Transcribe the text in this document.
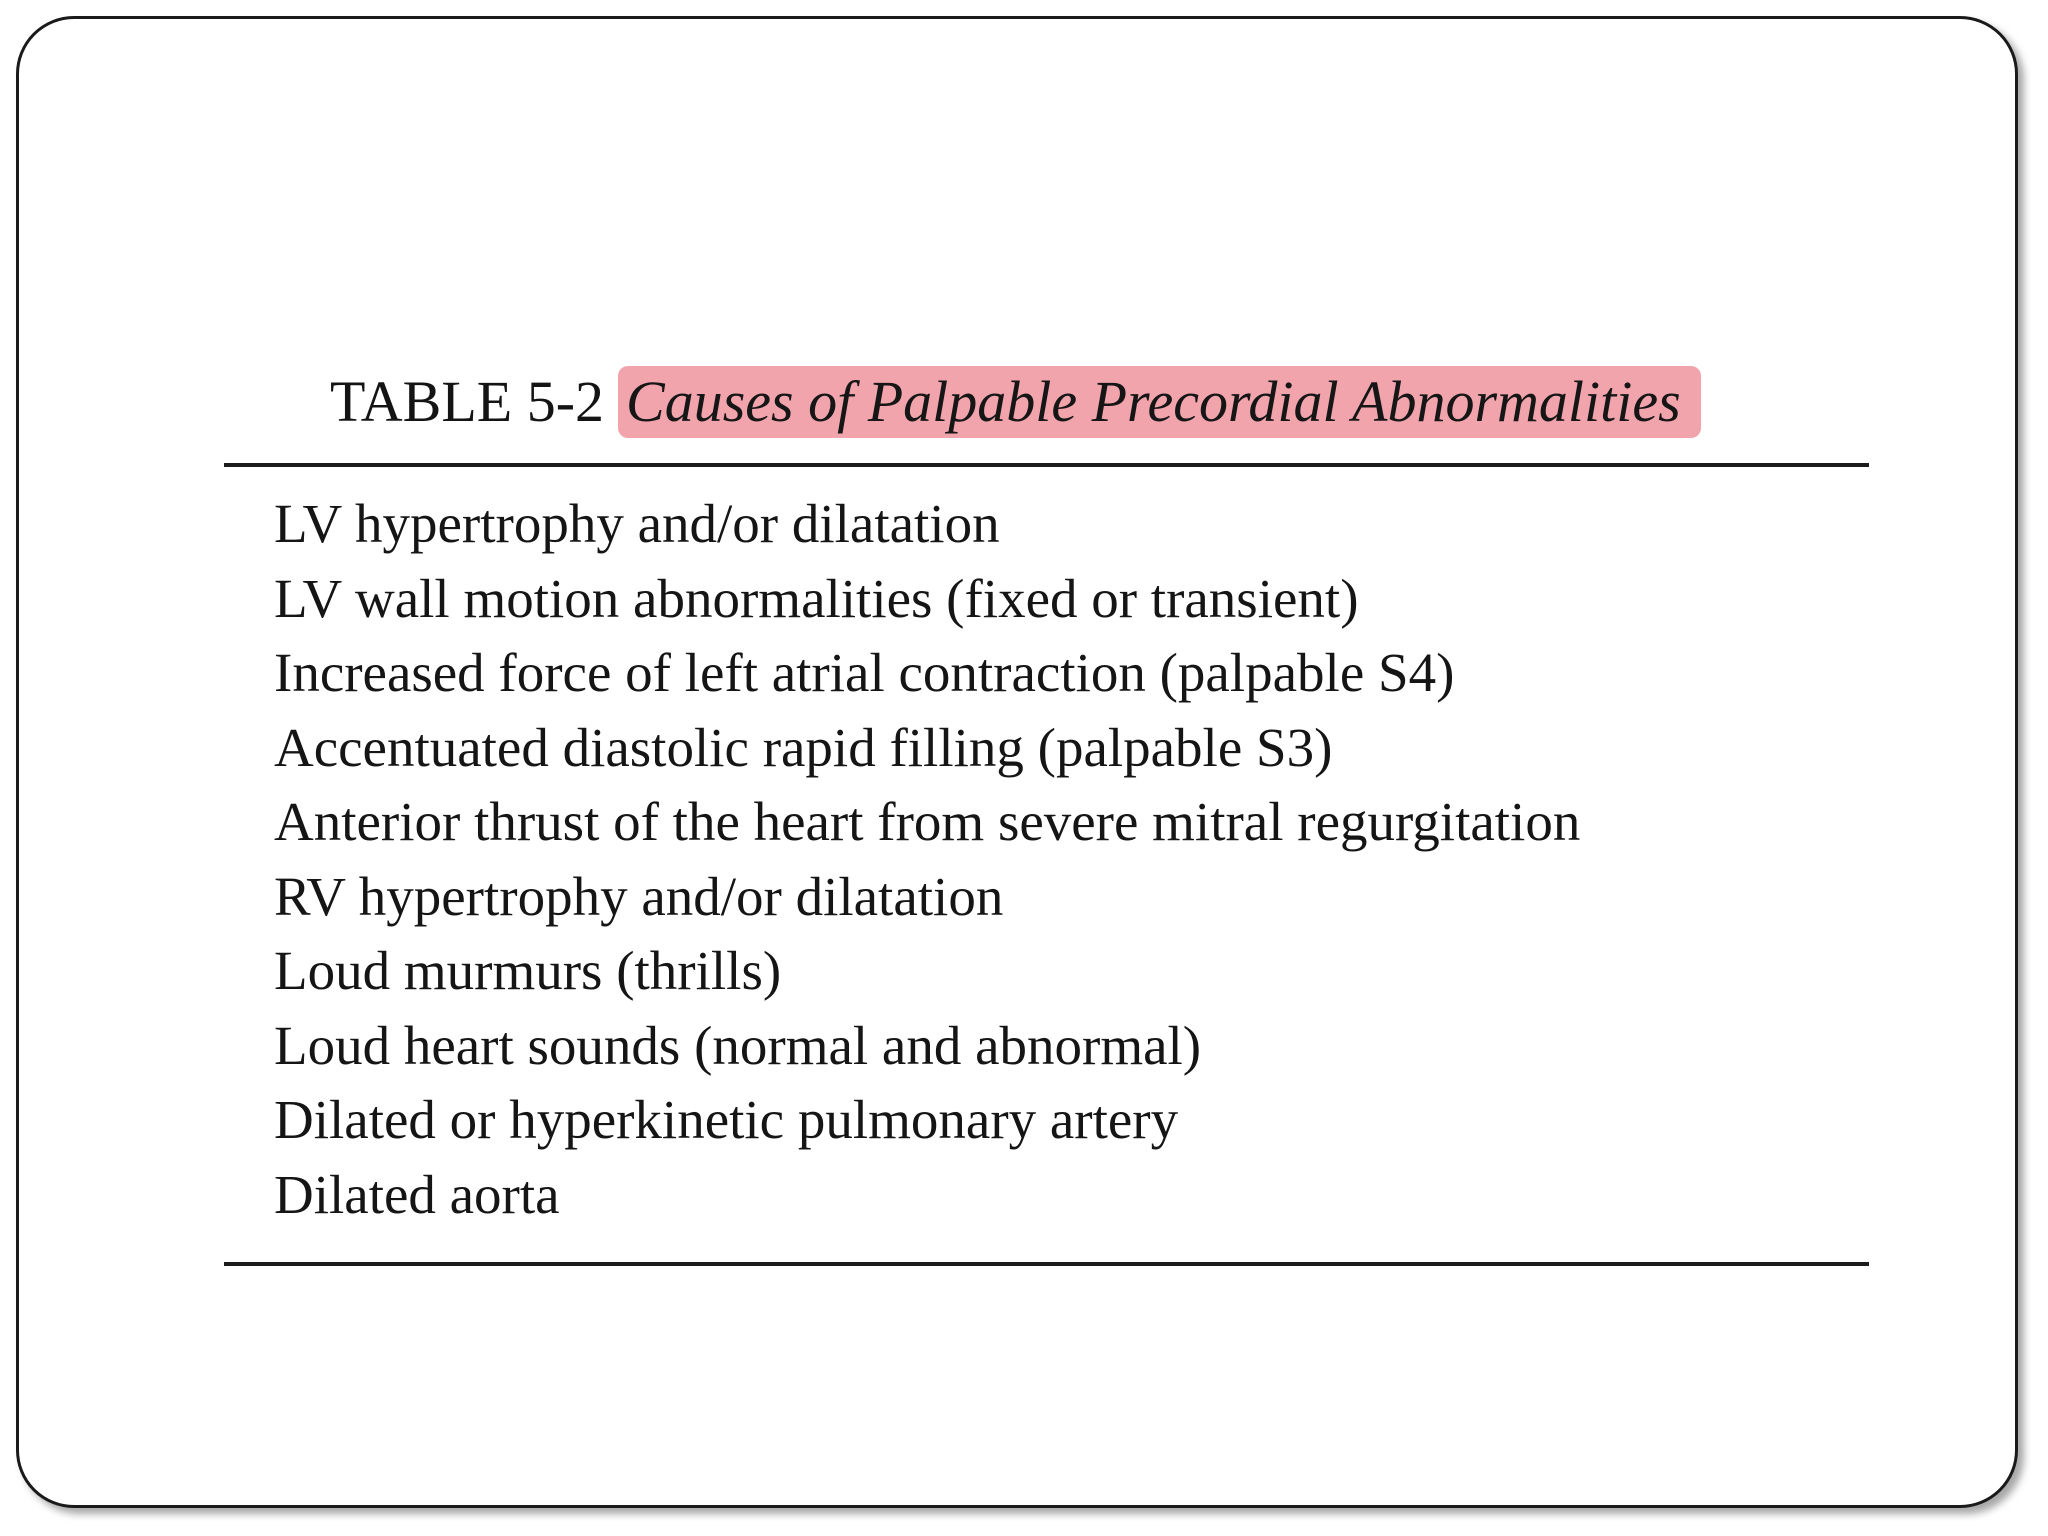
TABLE 5-2 Causes of Palpable Precordial Abnormalities
LV hypertrophy and/or dilatation
LV wall motion abnormalities (fixed or transient)
Increased force of left atrial contraction (palpable S4)
Accentuated diastolic rapid filling (palpable S3)
Anterior thrust of the heart from severe mitral regurgitation
RV hypertrophy and/or dilatation
Loud murmurs (thrills)
Loud heart sounds (normal and abnormal)
Dilated or hyperkinetic pulmonary artery
Dilated aorta
